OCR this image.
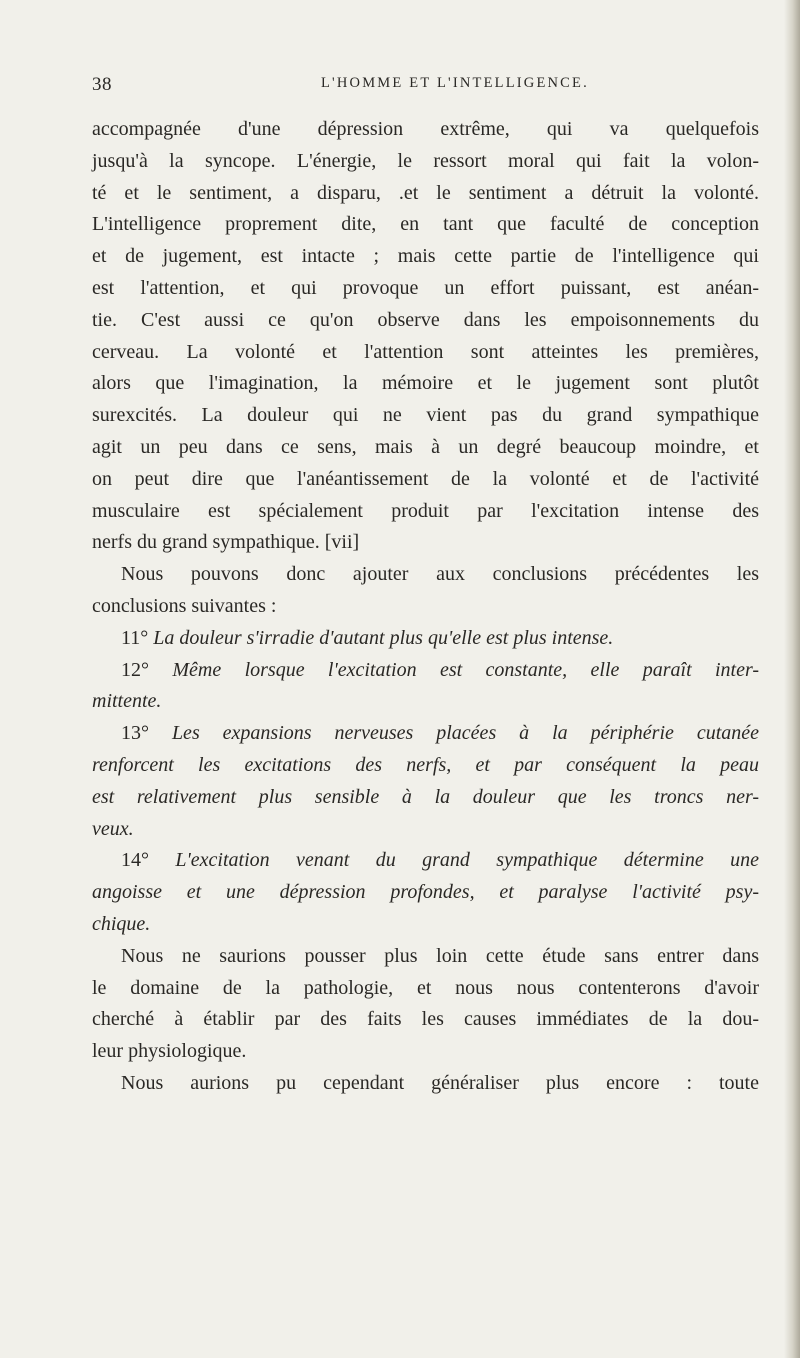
38	L'HOMME ET L'INTELLIGENCE.
accompagnée d'une dépression extrême, qui va quelquefois
jusqu'à la syncope. L'énergie, le ressort moral qui fait la volon-
té et le sentiment, a disparu, .et le sentiment a détruit la volonté.
L'intelligence proprement dite, en tant que faculté de conception
et de jugement, est intacte ; mais cette partie de l'intelligence qui
est l'attention, et qui provoque un effort puissant, est anéan-
tie. C'est aussi ce qu'on observe dans les empoisonnements du
cerveau. La volonté et l'attention sont atteintes les premières,
alors que l'imagination, la mémoire et le jugement sont plutôt
surexcités. La douleur qui ne vient pas du grand sympathique
agit un peu dans ce sens, mais à un degré beaucoup moindre, et
on peut dire que l'anéantissement de la volonté et de l'activité
musculaire est spécialement produit par l'excitation intense des
nerfs du grand sympathique. [vii]
Nous pouvons donc ajouter aux conclusions précédentes les
conclusions suivantes :
11° La douleur s'irradie d'autant plus qu'elle est plus intense.
12° Même lorsque l'excitation est constante, elle paraît inter-
mittente.
13° Les expansions nerveuses placées à la périphérie cutanée
renforcent les excitations des nerfs, et par conséquent la peau
est relativement plus sensible à la douleur que les troncs ner-
veux.
14° L'excitation venant du grand sympathique détermine une
angoisse et une dépression profondes, et paralyse l'activité psy-
chique.
Nous ne saurions pousser plus loin cette étude sans entrer dans
le domaine de la pathologie, et nous nous contenterons d'avoir
cherché à établir par des faits les causes immédiates de la dou-
leur physiologique.
Nous aurions pu cependant généraliser plus encore : toute
